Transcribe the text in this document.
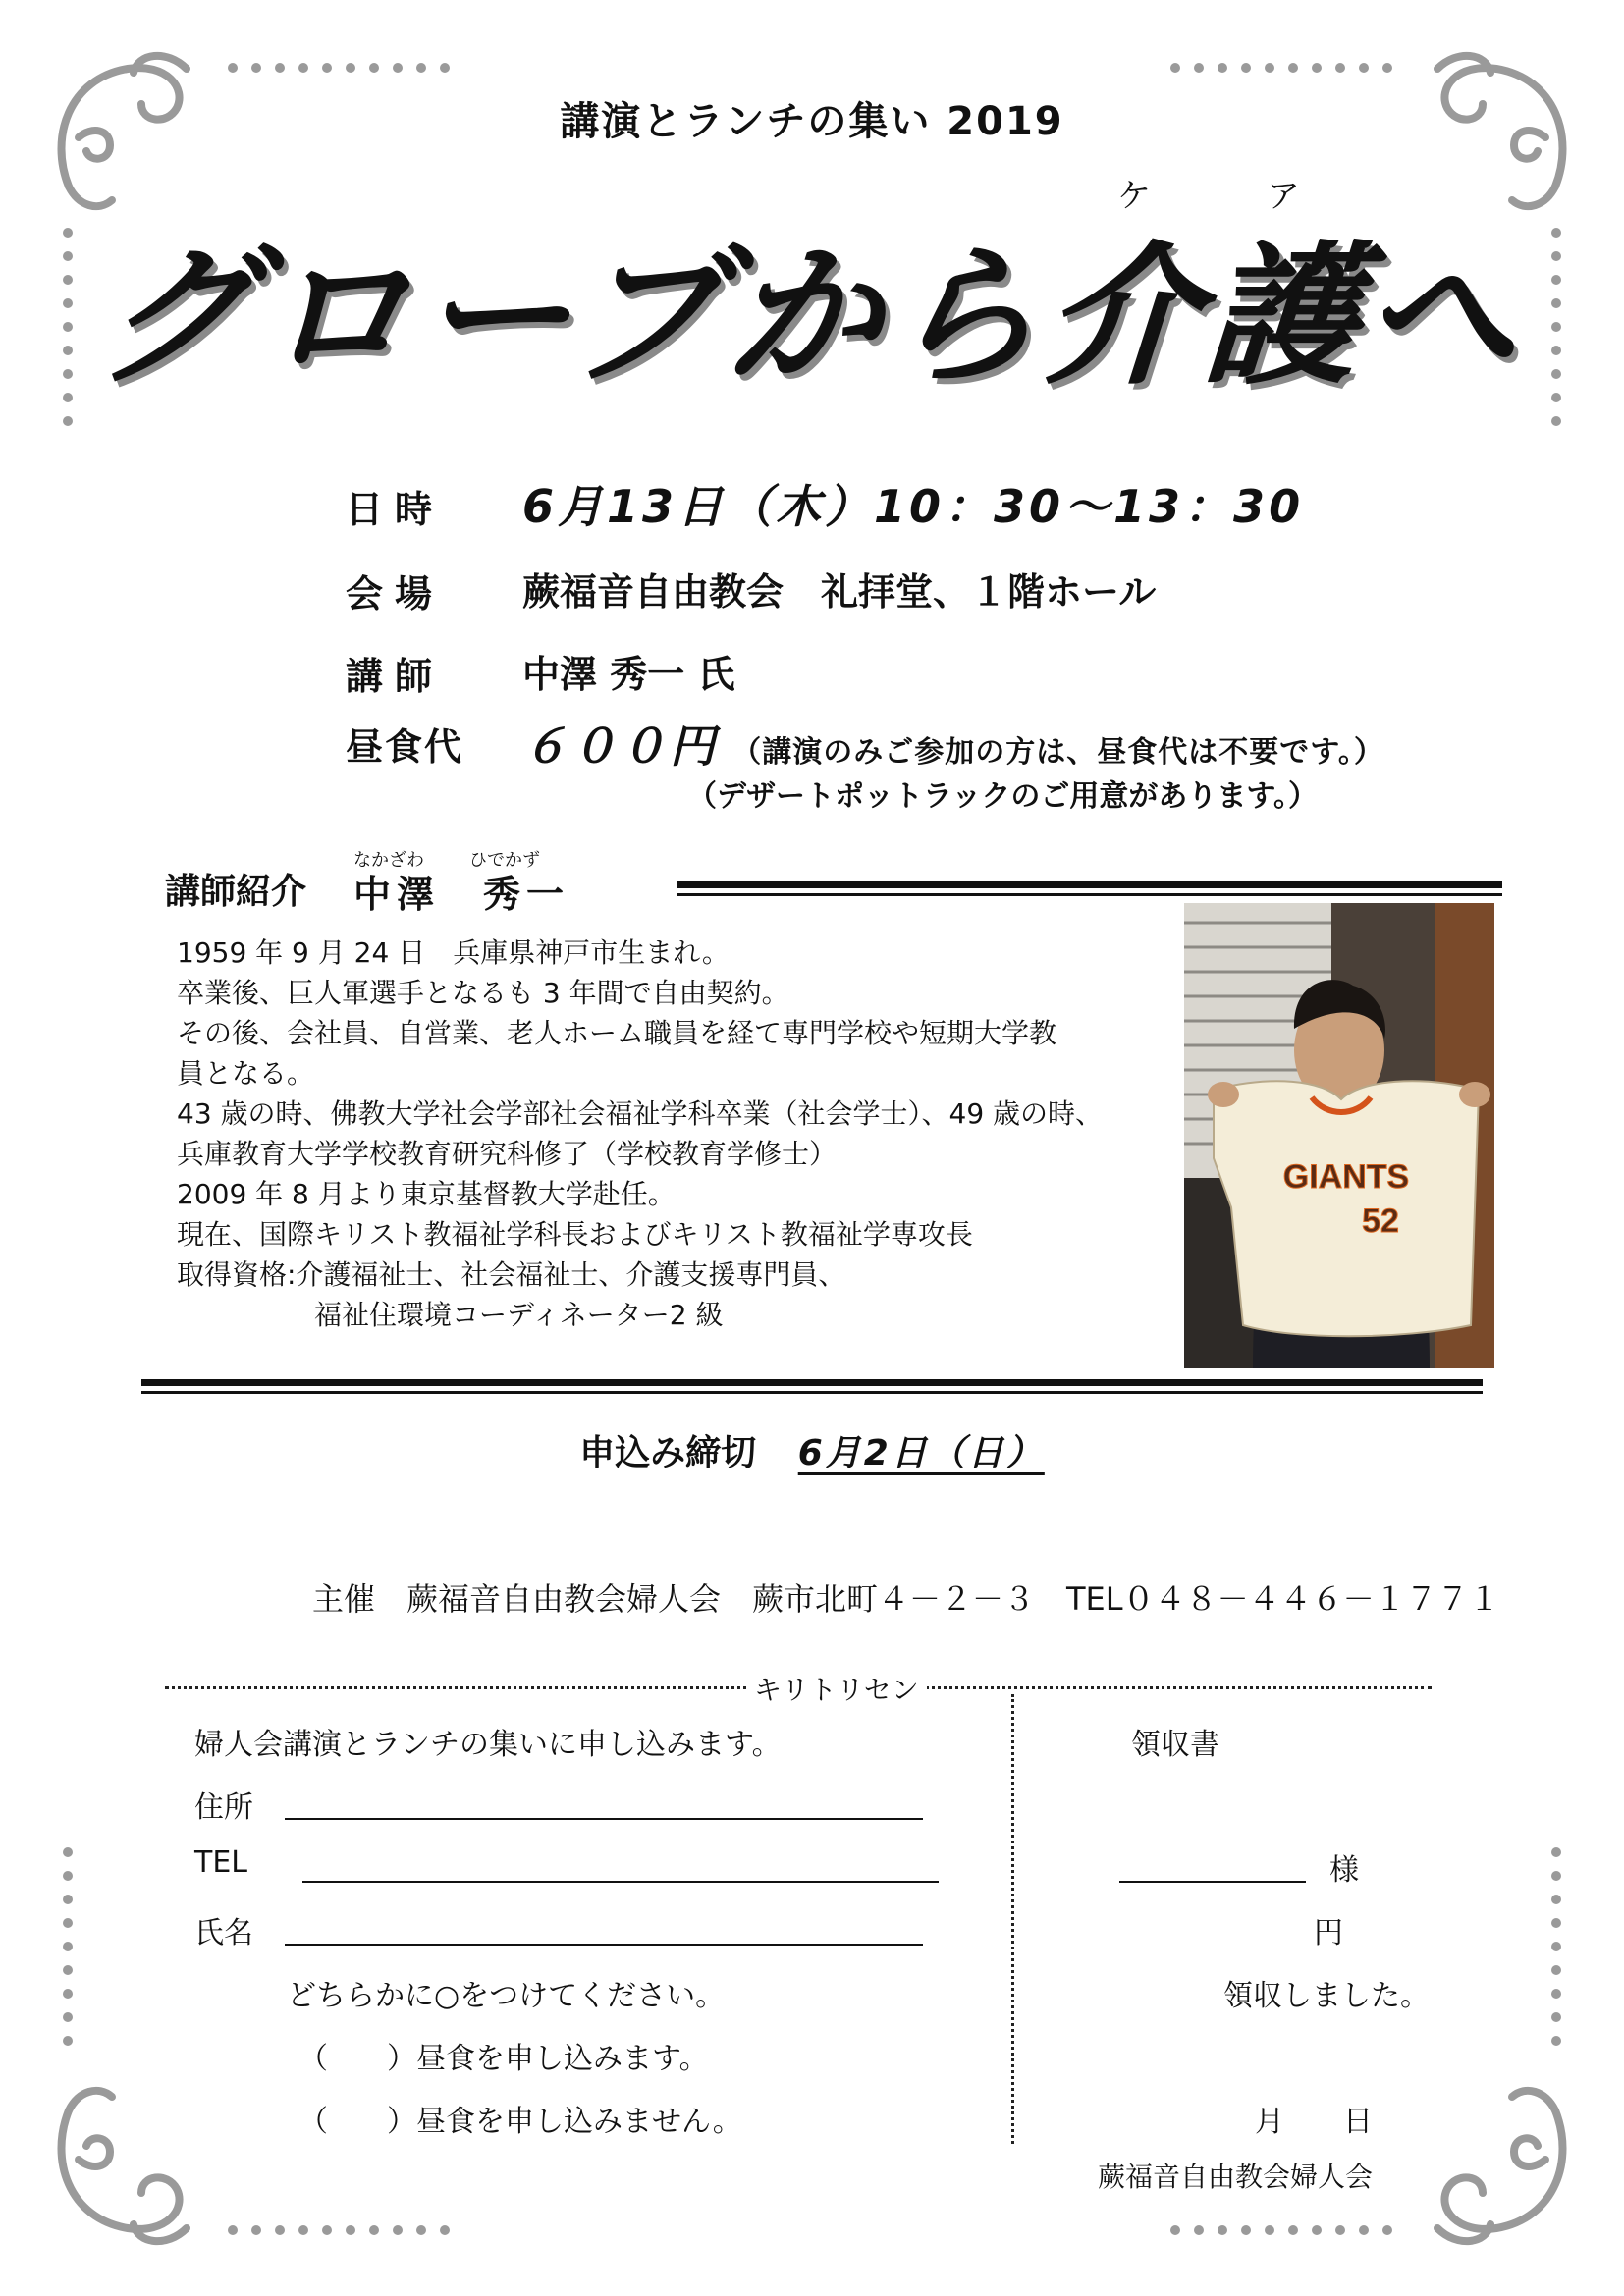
講演とランチの集い 2019
ケ	ア
グローブから介護へ
日時 6月13日（木）10：30～13：30
会場 蕨福音自由教会　礼拝堂、１階ホール
講師 中澤 秀一 氏
昼食代 ６００円 （講演のみご参加の方は、昼食代は不要です。）
（デザートポットラックのご用意があります。）
なかざわ	ひでかず
講師紹介 中澤　秀一
1959 年 9 月 24 日　兵庫県神戸市生まれ。
卒業後、巨人軍選手となるも 3 年間で自由契約。
その後、会社員、自営業、老人ホーム職員を経て専門学校や短期大学教
員となる。
43 歳の時、佛教大学社会学部社会福祉学科卒業（社会学士）、49 歳の時、
兵庫教育大学学校教育研究科修了（学校教育学修士）
2009 年 8 月より東京基督教大学赴任。
現在、国際キリスト教福祉学科長およびキリスト教福祉学専攻長
取得資格:介護福祉士、社会福祉士、介護支援専門員、
　　　　　福祉住環境コーディネーター2 級
GIANTS
52
申込み締切 6月2日（日）
主催　蕨福音自由教会婦人会　蕨市北町４－２－３　TEL０４８－４４６－１７７１
キリトリセン
婦人会講演とランチの集いに申し込みます。
住所
TEL
氏名
どちらかに○をつけてください。
（　　）昼食を申し込みます。
（　　）昼食を申し込みません。
領収書
様
円
領収しました。
月　　日
蕨福音自由教会婦人会
